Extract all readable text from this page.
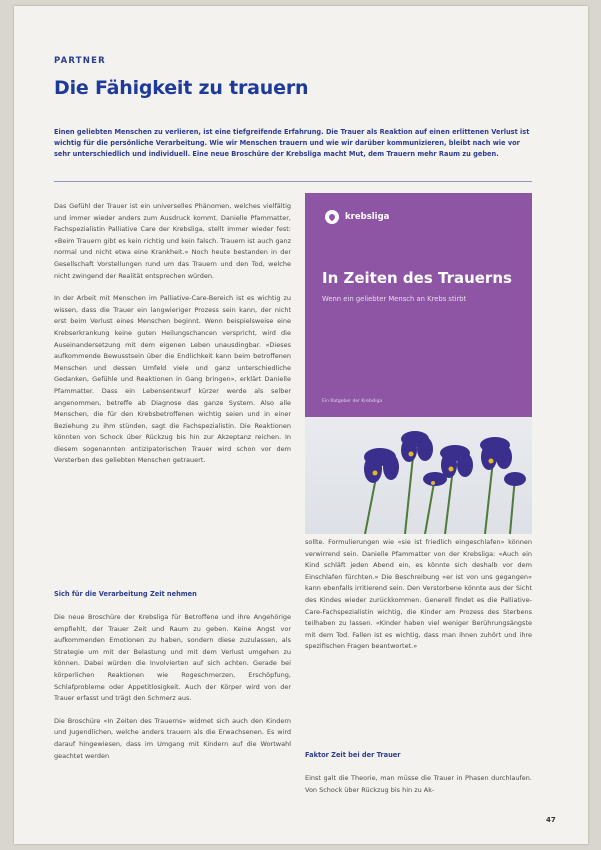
PARTNER
Die Fähigkeit zu trauern
Einen geliebten Menschen zu verlieren, ist eine tiefgreifende Erfahrung. Die Trauer als Reaktion auf einen erlittenen Verlust ist wichtig für die persönliche Verarbeitung. Wie wir Menschen trauern und wie wir darüber kommunizieren, bleibt nach wie vor sehr unterschiedlich und individuell. Eine neue Broschüre der Krebsliga macht Mut, dem Trauern mehr Raum zu geben.

Das Gefühl der Trauer ist ein universelles Phänomen, welches vielfältig und immer wieder anders zum Ausdruck kommt. Danielle Pfammatter, Fachspezialistin Palliative Care der Krebsliga, stellt immer wieder fest: «Beim Trauern gibt es kein richtig und kein falsch. Trauern ist auch ganz normal und nicht etwa eine Krankheit.» Noch heute bestanden in der Gesellschaft Vorstellungen rund um das Trauern und den Tod, welche nicht zwingend der Realität entsprechen würden.

In der Arbeit mit Menschen im Palliative-Care-Bereich ist es wichtig zu wissen, dass die Trauer ein langwieriger Prozess sein kann, der nicht erst beim Verlust eines Menschen beginnt. Wenn beispielsweise eine Krebserkrankung keine guten Heilungschancen verspricht, wird die Auseinandersetzung mit dem eigenen Leben unausdingbar. «Dieses aufkommende Bewusstsein über die Endlichkeit kann beim betroffenen Menschen und dessen Umfeld viele und ganz unterschiedliche Gedanken, Gefühle und Reaktionen in Gang bringen», erklärt Danielle Pfammatter. Dass ein Lebensentwurf kürzer werde als selber angenommen, betreffe ab Diagnose das ganze System. Also alle Menschen, die für den Krebsbetroffenen wichtig seien und in einer Beziehung zu ihm stünden, sagt die Fachspezialistin. Die Reaktionen könnten von Schock über Rückzug bis hin zur Akzeptanz reichen. In diesem sogenannten antizipatorischen Trauer wird schon vor dem Versterben des geliebten Menschen getrauert.

Sich für die Verarbeitung Zeit nehmen

Die neue Broschüre der Krebsliga für Betroffene und ihre Angehörige empfiehlt, der Trauer Zeit und Raum zu geben. Keine Angst vor aufkommenden Emotionen zu haben, sondern diese zuzulassen, als Strategie um mit der Belastung und mit dem Verlust umgehen zu können. Dabei würden die Involvierten auf sich achten. Gerade bei körperlichen Reaktionen wie Rogeschmerzen, Erschöpfung, Schlafprobleme oder Appetitlosigkeit. Auch der Körper wird von der Trauer erfasst und trägt den Schmerz aus.

Die Broschüre «In Zeiten des Trauerns» widmet sich auch den Kindern und Jugendlichen, welche anders trauern als die Erwachsenen. Es wird darauf hingewiesen, dass im Umgang mit Kindern auf die Wortwahl geachtet werden

krebsliga
In Zeiten des Trauerns
Wenn ein geliebter Mensch an Krebs stirbt
Ein Ratgeber der Krebsliga

sollte. Formulierungen wie «sie ist friedlich eingeschlafen» können verwirrend sein. Danielle Pfammatter von der Krebsliga: «Auch ein Kind schläft jeden Abend ein, es könnte sich deshalb vor dem Einschlafen fürchten.» Die Beschreibung «er ist von uns gegangen» kann ebenfalls irritierend sein. Den Verstorbene könnte aus der Sicht des Kindes wieder zurückkommen. Generell findet es die Palliative-Care-Fachspezialistin wichtig, die Kinder am Prozess des Sterbens teilhaben zu lassen. «Kinder haben viel weniger Berührungsängste mit dem Tod. Fallen ist es wichtig, dass man ihnen zuhört und ihre spezifischen Fragen beantwortet.»

Faktor Zeit bei der Trauer

Einst galt die Theorie, man müsse die Trauer in Phasen durchlaufen. Von Schock über Rückzug bis hin zu Ak-

47
